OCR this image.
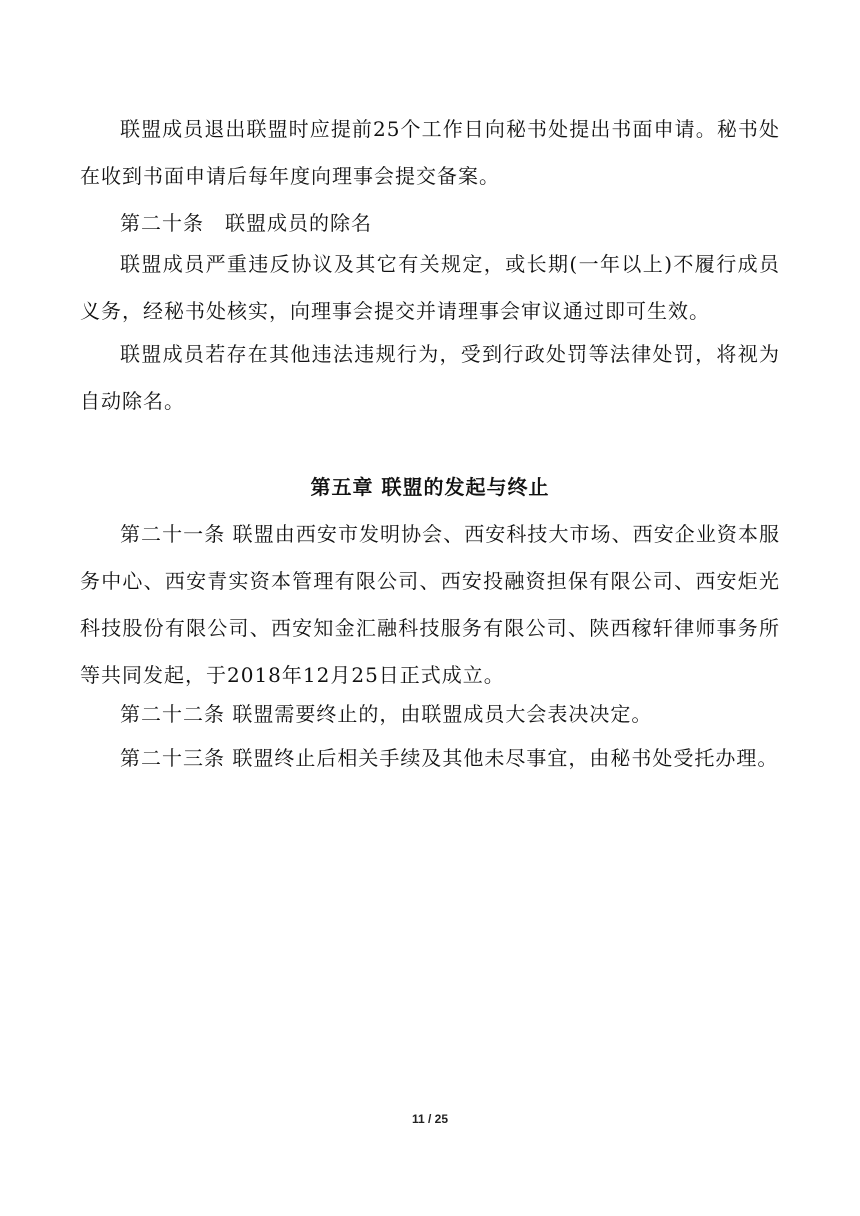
联盟成员退出联盟时应提前25个工作日向秘书处提出书面申请。秘书处在收到书面申请后每年度向理事会提交备案。

第二十条　联盟成员的除名

联盟成员严重违反协议及其它有关规定，或长期(一年以上)不履行成员义务，经秘书处核实，向理事会提交并请理事会审议通过即可生效。

联盟成员若存在其他违法违规行为，受到行政处罚等法律处罚，将视为自动除名。

第五章 联盟的发起与终止

第二十一条 联盟由西安市发明协会、西安科技大市场、西安企业资本服务中心、西安青实资本管理有限公司、西安投融资担保有限公司、西安炬光科技股份有限公司、西安知金汇融科技服务有限公司、陕西稼轩律师事务所等共同发起，于2018年12月25日正式成立。

第二十二条 联盟需要终止的，由联盟成员大会表决决定。

第二十三条 联盟终止后相关手续及其他未尽事宜，由秘书处受托办理。

11 / 25
